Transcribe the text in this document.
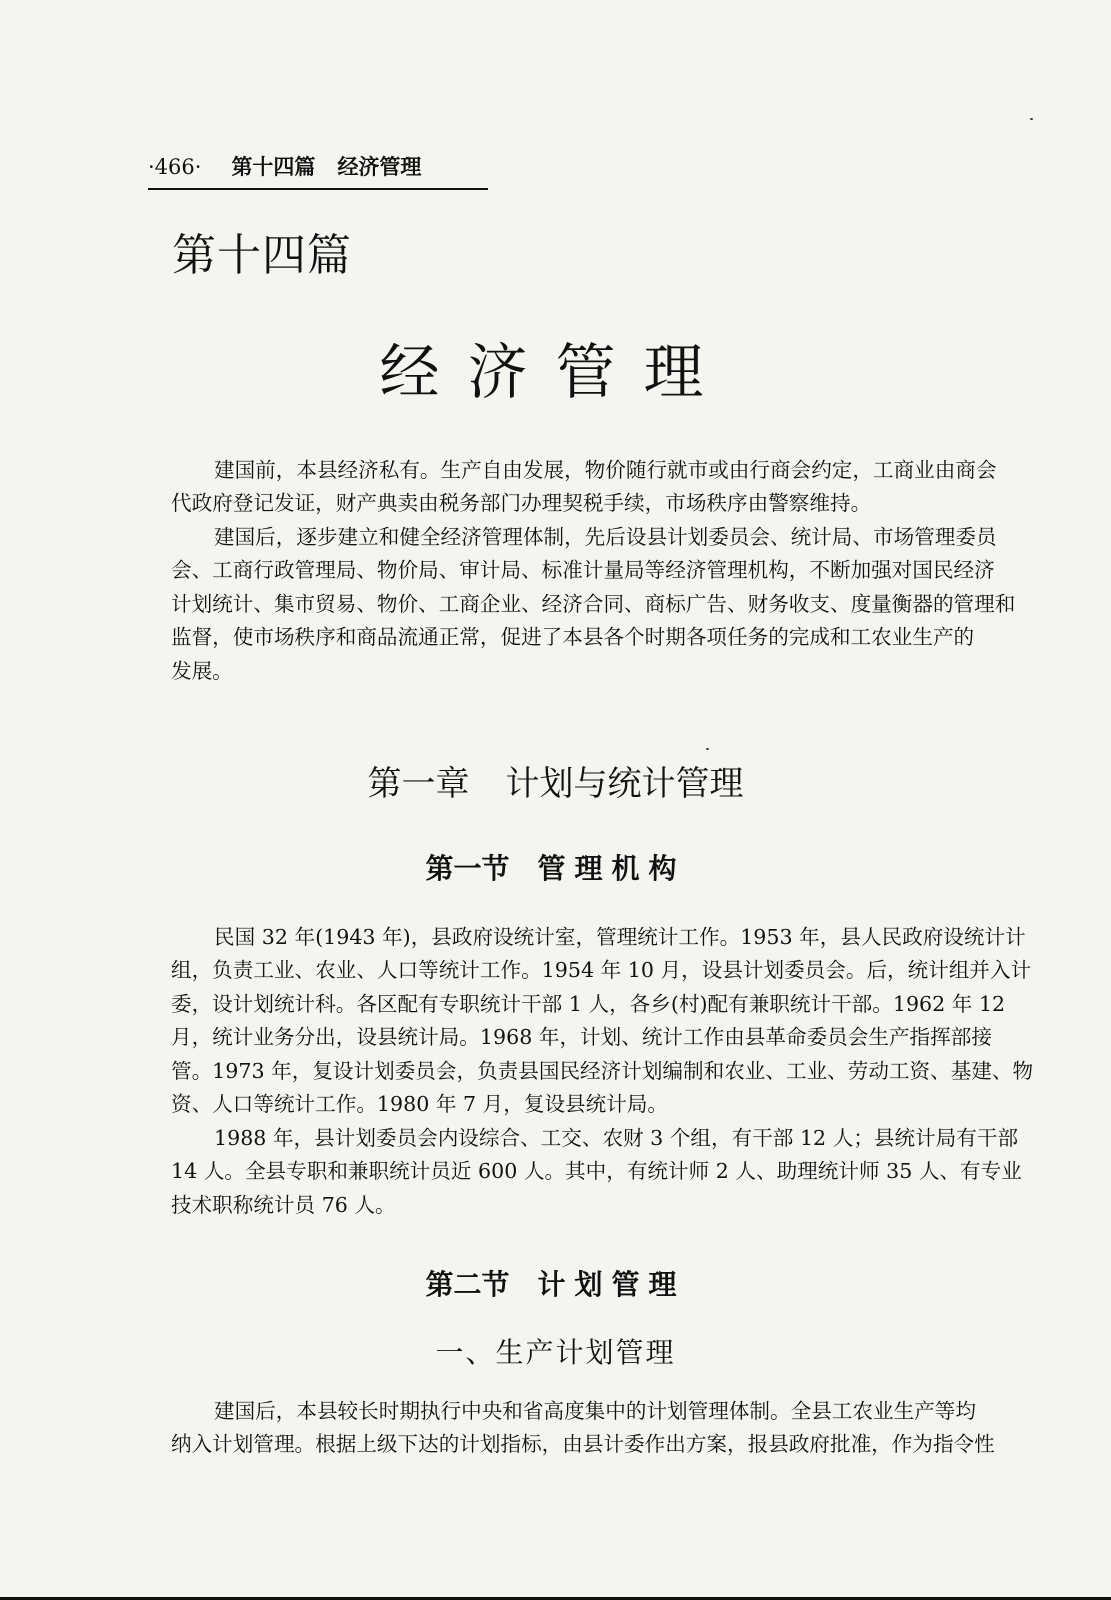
·466· 第十四篇 经济管理
第十四篇
经济管理
建国前，本县经济私有。生产自由发展，物价随行就市或由行商会约定，工商业由商会
代政府登记发证，财产典卖由税务部门办理契税手续，市场秩序由警察维持。
建国后，逐步建立和健全经济管理体制，先后设县计划委员会、统计局、市场管理委员
会、工商行政管理局、物价局、审计局、标准计量局等经济管理机构，不断加强对国民经济
计划统计、集市贸易、物价、工商企业、经济合同、商标广告、财务收支、度量衡器的管理和
监督，使市场秩序和商品流通正常，促进了本县各个时期各项任务的完成和工农业生产的
发展。
第一章 计划与统计管理
第一节 管理机构
民国 32 年(1943 年)，县政府设统计室，管理统计工作。1953 年，县人民政府设统计计
组，负责工业、农业、人口等统计工作。1954 年 10 月，设县计划委员会。后，统计组并入计
委，设计划统计科。各区配有专职统计干部 1 人，各乡(村)配有兼职统计干部。1962 年 12
月，统计业务分出，设县统计局。1968 年，计划、统计工作由县革命委员会生产指挥部接
管。1973 年，复设计划委员会，负责县国民经济计划编制和农业、工业、劳动工资、基建、物
资、人口等统计工作。1980 年 7 月，复设县统计局。
1988 年，县计划委员会内设综合、工交、农财 3 个组，有干部 12 人；县统计局有干部
14 人。全县专职和兼职统计员近 600 人。其中，有统计师 2 人、助理统计师 35 人、有专业
技术职称统计员 76 人。
第二节 计划管理
一、生产计划管理
建国后，本县较长时期执行中央和省高度集中的计划管理体制。全县工农业生产等均
纳入计划管理。根据上级下达的计划指标，由县计委作出方案，报县政府批准，作为指令性
